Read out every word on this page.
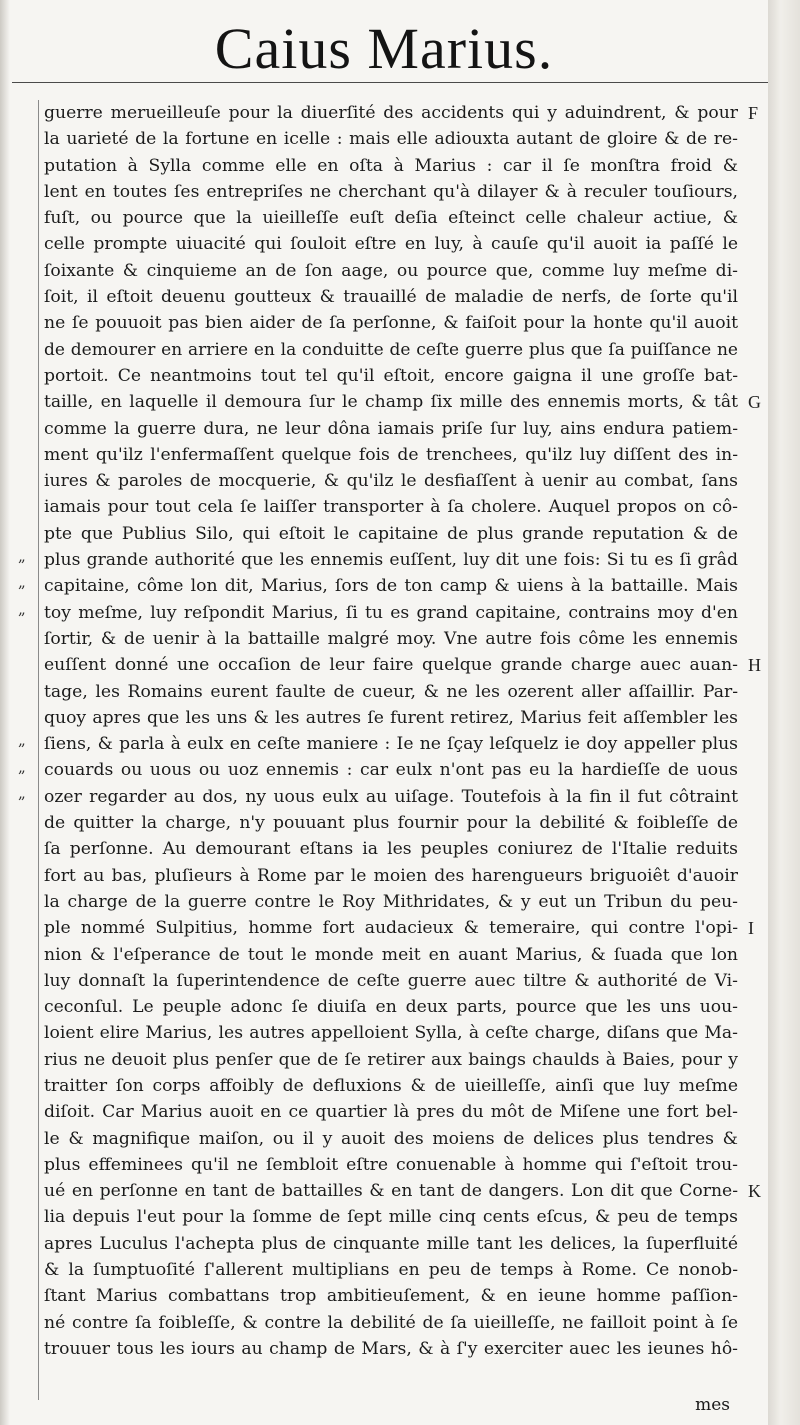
Caius Marius.
guerre merueilleuſe pour la diuerſité des accidents qui y aduindrent, & pour
la uarieté de la fortune en icelle : mais elle adiouxta autant de gloire & de re-
putation à Sylla comme elle en oſta à Marius : car il ſe monſtra froid &
lent en toutes ſes entrepriſes ne cherchant qu'à dilayer & à reculer touſiours,
fuſt, ou pource que la uieilleſſe euſt deſia eſteinct celle chaleur actiue, &
celle prompte uiuacité qui ſouloit eſtre en luy, à cauſe qu'il auoit ia paſſé le
ſoixante & cinquieme an de ſon aage, ou pource que, comme luy meſme di-
ſoit, il eſtoit deuenu goutteux & trauaillé de maladie de nerfs, de ſorte qu'il
ne ſe pouuoit pas bien aider de ſa perſonne, & faiſoit pour la honte qu'il auoit
de demourer en arriere en la conduitte de ceſte guerre plus que ſa puiſſance ne
portoit. Ce neantmoins tout tel qu'il eſtoit, encore gaigna il une groſſe bat-
taille, en laquelle il demoura ſur le champ ſix mille des ennemis morts, & tât
comme la guerre dura, ne leur dôna iamais priſe ſur luy, ains endura patiem-
ment qu'ilz l'enfermaſſent quelque fois de trenchees, qu'ilz luy diſſent des in-
iures & paroles de mocquerie, & qu'ilz le desfiaſſent à uenir au combat, ſans
iamais pour tout cela ſe laiſſer transporter à ſa cholere. Auquel propos on cô-
pte que Publius Silo, qui eſtoit le capitaine de plus grande reputation & de
plus grande authorité que les ennemis euſſent, luy dit une fois: Si tu es ſi grâd
capitaine, côme lon dit, Marius, ſors de ton camp & uiens à la battaille. Mais
toy meſme, luy reſpondit Marius, ſi tu es grand capitaine, contrains moy d'en
ſortir, & de uenir à la battaille malgré moy. Vne autre fois côme les ennemis
euſſent donné une occaſion de leur faire quelque grande charge auec auan-
tage, les Romains eurent faulte de cueur, & ne les ozerent aller aſſaillir. Par-
quoy apres que les uns & les autres ſe furent retirez, Marius feit aſſembler les
ſiens, & parla à eulx en ceſte maniere : Ie ne ſçay leſquelz ie doy appeller plus
couards ou uous ou uoz ennemis : car eulx n'ont pas eu la hardieſſe de uous
ozer regarder au dos, ny uous eulx au uiſage. Toutefois à la fin il fut côtraint
de quitter la charge, n'y pouuant plus fournir pour la debilité & foibleſſe de
ſa perſonne. Au demourant eſtans ia les peuples coniurez de l'Italie reduits
fort au bas, pluſieurs à Rome par le moien des harengueurs briguoiêt d'auoir
la charge de la guerre contre le Roy Mithridates, & y eut un Tribun du peu-
ple nommé Sulpitius, homme fort audacieux & temeraire, qui contre l'opi-
nion & l'eſperance de tout le monde meit en auant Marius, & ſuada que lon
luy donnaſt la ſuperintendence de ceſte guerre auec tiltre & authorité de Vi-
ceconſul. Le peuple adonc ſe diuiſa en deux parts, pource que les uns uou-
loient elire Marius, les autres appelloient Sylla, à ceſte charge, diſans que Ma-
rius ne deuoit plus penſer que de ſe retirer aux baings chaulds à Baies, pour y
traitter ſon corps affoibly de defluxions & de uieilleſſe, ainſi que luy meſme
diſoit. Car Marius auoit en ce quartier là pres du môt de Miſene une fort bel-
le & magnifique maiſon, ou il y auoit des moiens de delices plus tendres &
plus effeminees qu'il ne ſembloit eſtre conuenable à homme qui ſ'eſtoit trou-
ué en perſonne en tant de battailles & en tant de dangers. Lon dit que Corne-
lia depuis l'eut pour la ſomme de ſept mille cinq cents eſcus, & peu de temps
apres Luculus l'achepta plus de cinquante mille tant les delices, la ſuperfluité
& la ſumptuoſité ſ'allerent multiplians en peu de temps à Rome. Ce nonob-
ſtant Marius combattans trop ambitieuſement, & en ieune homme paſſion-
né contre ſa foibleſſe, & contre la debilité de ſa uieilleſſe, ne failloit point à ſe
trouuer tous les iours au champ de Mars, & à ſ'y exerciter auec les ieunes hô-
„
„
„
„
„
„
F
G
H
I
K
mes
